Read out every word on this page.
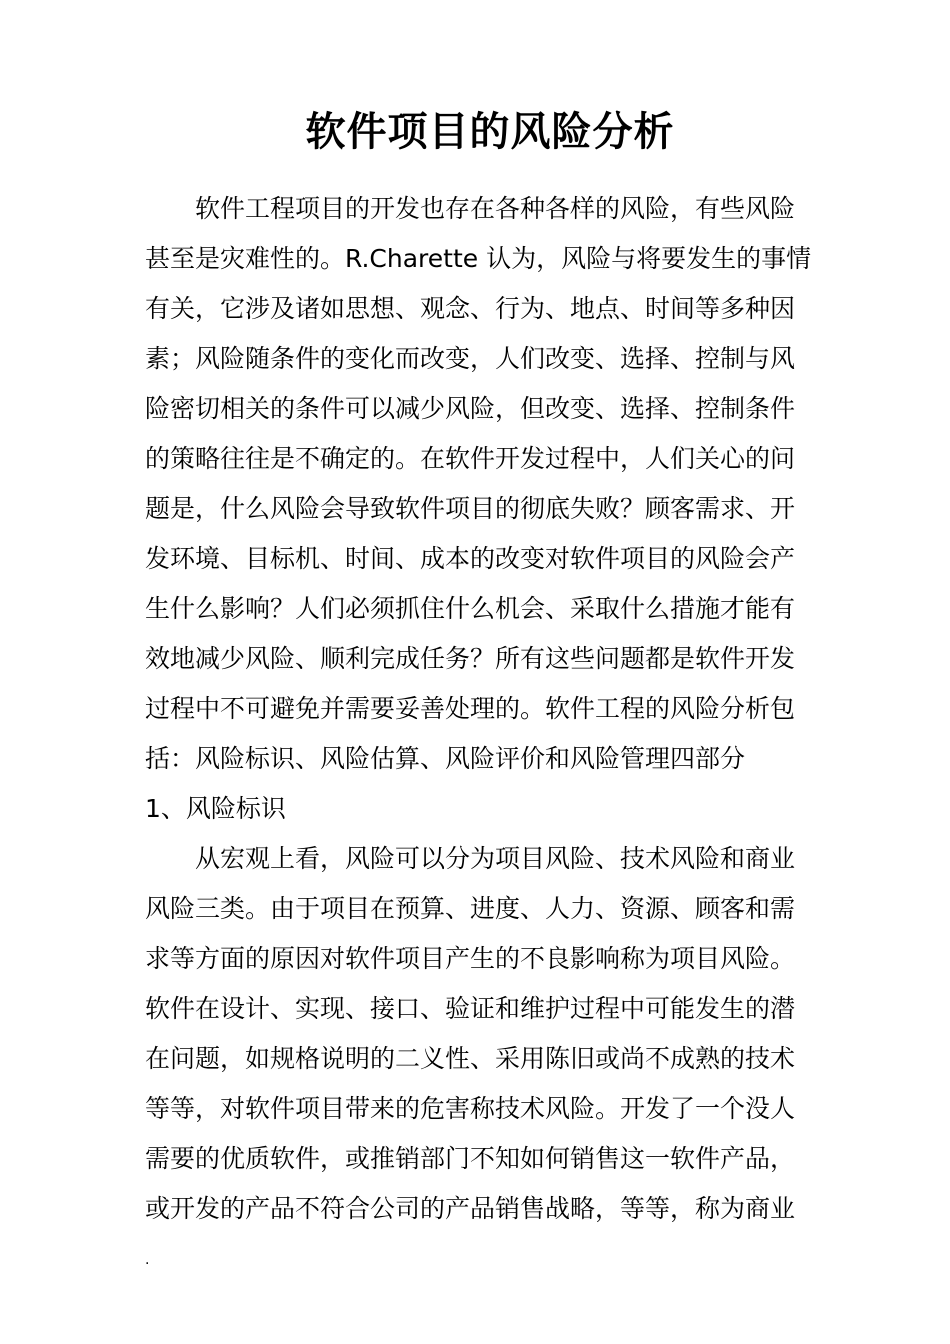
软件项目的风险分析
软件工程项目的开发也存在各种各样的风险，有些风险
甚至是灾难性的。R.Charette 认为，风险与将要发生的事情
有关，它涉及诸如思想、观念、行为、地点、时间等多种因
素；风险随条件的变化而改变，人们改变、选择、控制与风
险密切相关的条件可以减少风险，但改变、选择、控制条件
的策略往往是不确定的。在软件开发过程中，人们关心的问
题是，什么风险会导致软件项目的彻底失败？顾客需求、开
发环境、目标机、时间、成本的改变对软件项目的风险会产
生什么影响？人们必须抓住什么机会、采取什么措施才能有
效地减少风险、顺利完成任务？所有这些问题都是软件开发
过程中不可避免并需要妥善处理的。软件工程的风险分析包
括：风险标识、风险估算、风险评价和风险管理四部分
1、风险标识
从宏观上看，风险可以分为项目风险、技术风险和商业
风险三类。由于项目在预算、进度、人力、资源、顾客和需
求等方面的原因对软件项目产生的不良影响称为项目风险。
软件在设计、实现、接口、验证和维护过程中可能发生的潜
在问题，如规格说明的二义性、采用陈旧或尚不成熟的技术
等等，对软件项目带来的危害称技术风险。开发了一个没人
需要的优质软件，或推销部门不知如何销售这一软件产品，
或开发的产品不符合公司的产品销售战略，等等，称为商业
.
